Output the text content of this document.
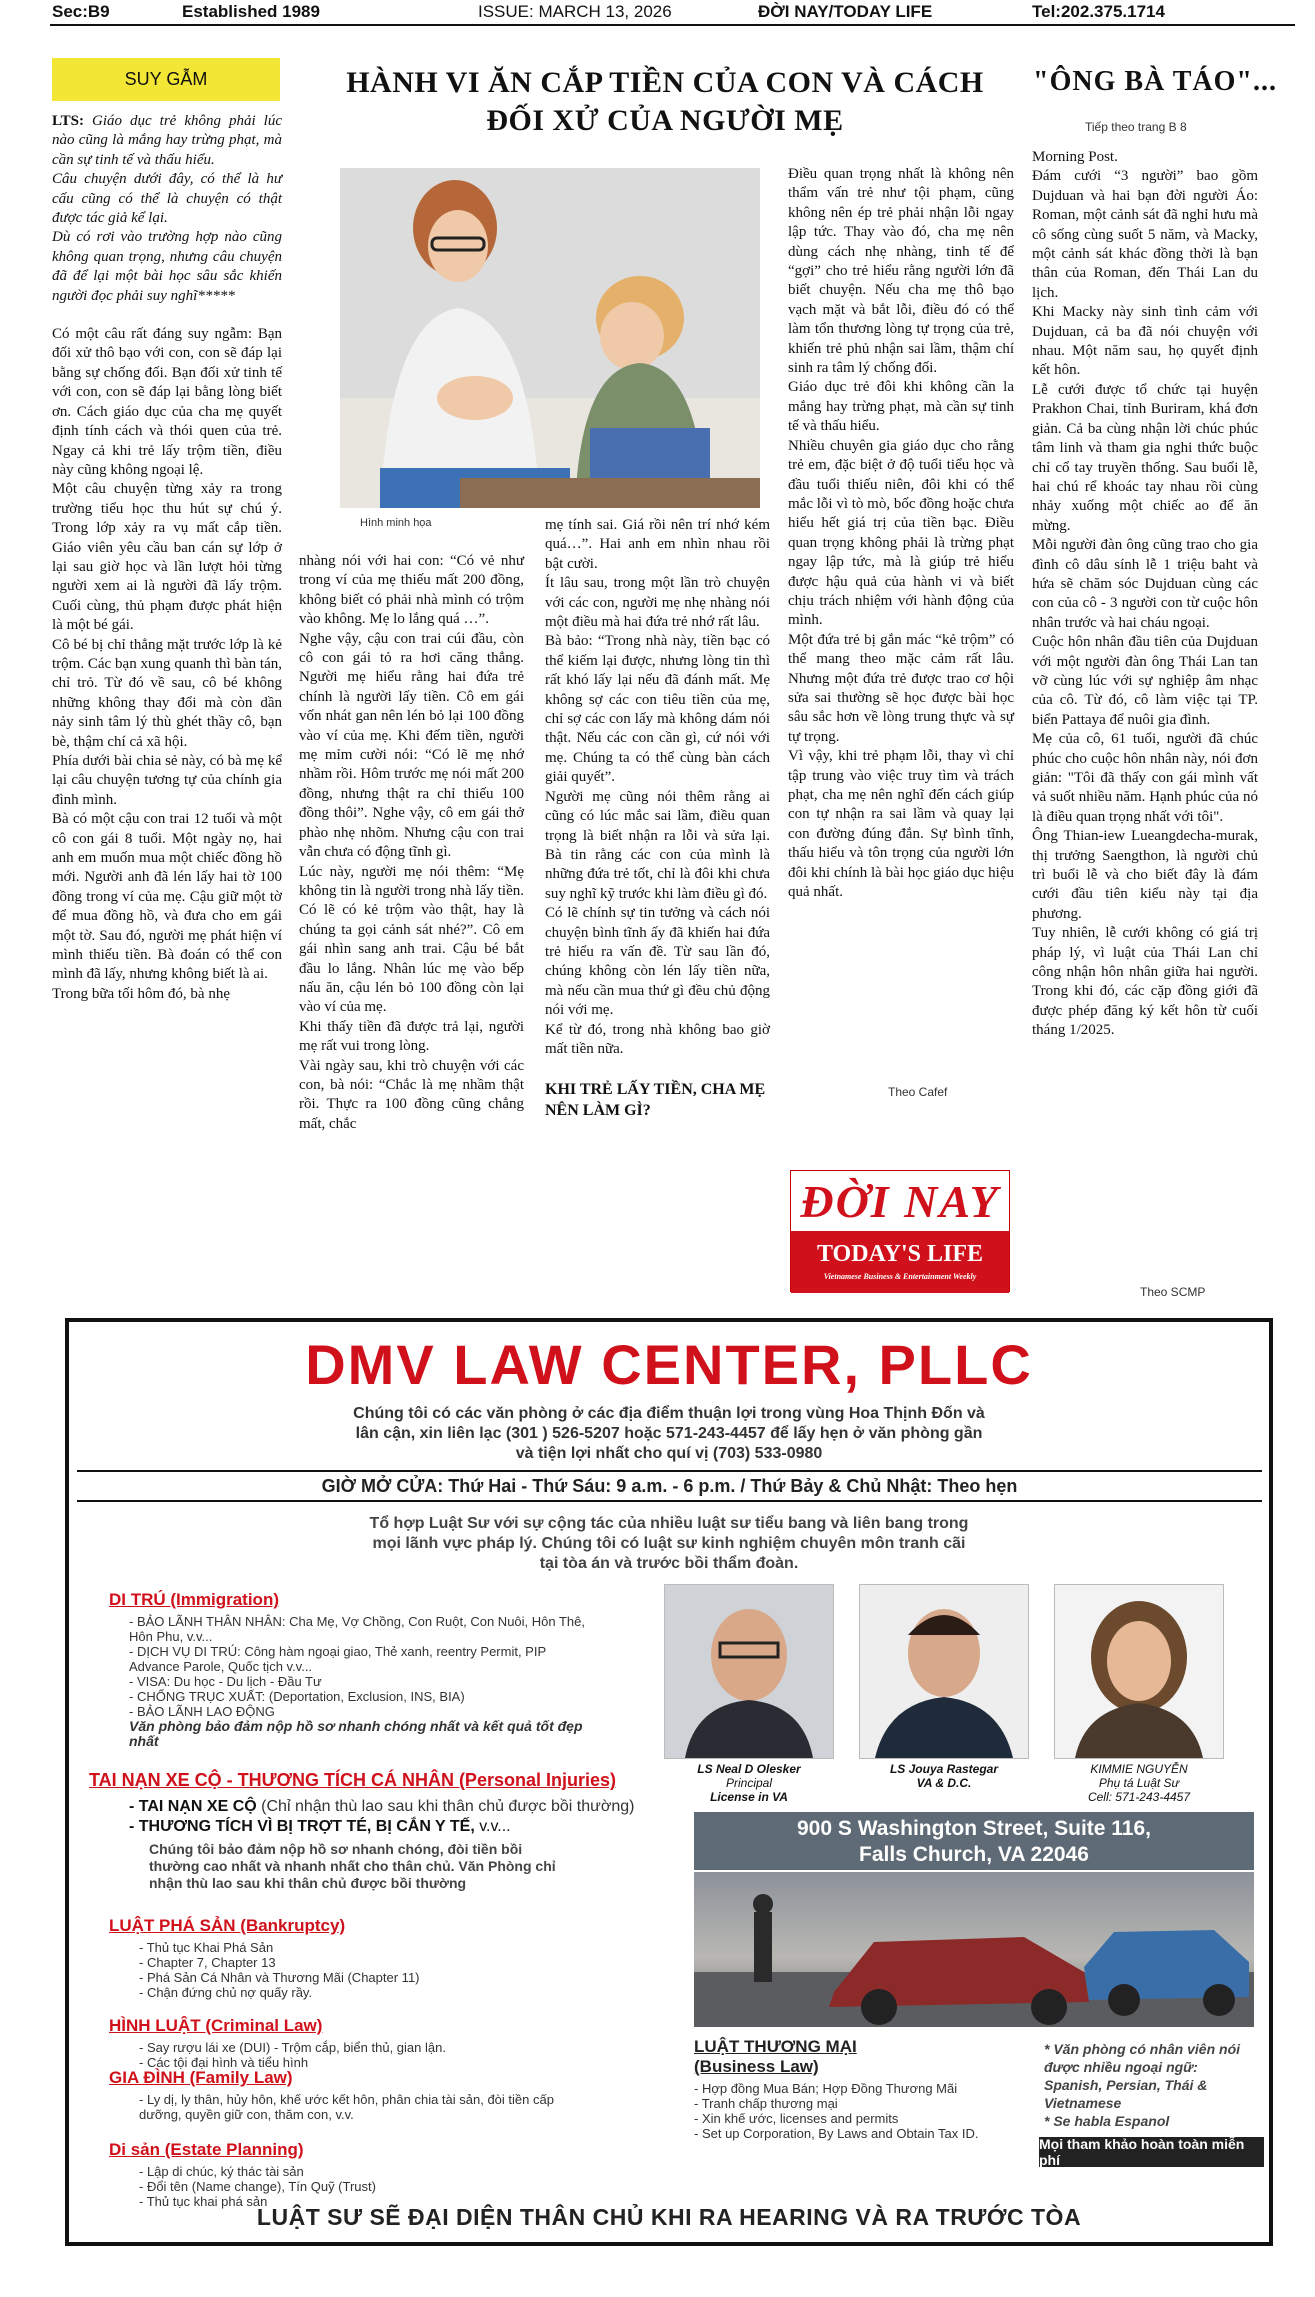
Sec:B9	Established 1989	ISSUE: MARCH 13, 2026	ĐỜI NAY/TODAY LIFE	Tel:202.375.1714
SUY GẪM

LTS: Giáo dục trẻ không phải lúc nào cũng là mắng hay trừng phạt, mà cần sự tinh tế và thấu hiểu.

Câu chuyện dưới đây, có thể là hư cấu cũng có thể là chuyện có thật được tác giả kể lại.

Dù có rơi vào trường hợp nào cũng không quan trọng, nhưng câu chuyện đã để lại một bài học sâu sắc khiến người đọc phải suy nghĩ*****

Có một câu rất đáng suy ngẫm: Bạn đối xử thô bạo với con, con sẽ đáp lại bằng sự chống đối. Bạn đối xử tinh tế với con, con sẽ đáp lại bằng lòng biết ơn. Cách giáo dục của cha mẹ quyết định tính cách và thói quen của trẻ. Ngay cả khi trẻ lấy trộm tiền, điều này cũng không ngoại lệ.

Một câu chuyện từng xảy ra trong trường tiểu học thu hút sự chú ý. Trong lớp xảy ra vụ mất cắp tiền. Giáo viên yêu cầu ban cán sự lớp ở lại sau giờ học và lần lượt hỏi từng người xem ai là người đã lấy trộm. Cuối cùng, thủ phạm được phát hiện là một bé gái.

Cô bé bị chỉ thẳng mặt trước lớp là kẻ trộm. Các bạn xung quanh thì bàn tán, chỉ trỏ. Từ đó về sau, cô bé không những không thay đổi mà còn dần nảy sinh tâm lý thù ghét thầy cô, bạn bè, thậm chí cả xã hội.

Phía dưới bài chia sẻ này, có bà mẹ kể lại câu chuyện tương tự của chính gia đình mình.

Bà có một cậu con trai 12 tuổi và một cô con gái 8 tuổi. Một ngày nọ, hai anh em muốn mua một chiếc đồng hồ mới. Người anh đã lén lấy hai tờ 100 đồng trong ví của mẹ. Cậu giữ một tờ để mua đồng hồ, và đưa cho em gái một tờ. Sau đó, người mẹ phát hiện ví mình thiếu tiền. Bà đoán có thể con mình đã lấy, nhưng không biết là ai.

Trong bữa tối hôm đó, bà nhẹ

HÀNH VI ĂN CẮP TIỀN CỦA CON VÀ CÁCH
ĐỐI XỬ CỦA NGƯỜI MẸ
Hình minh họa

nhàng nói với hai con: “Có vẻ như trong ví của mẹ thiếu mất 200 đồng, không biết có phải nhà mình có trộm vào không. Mẹ lo lắng quá …”.

Nghe vậy, cậu con trai cúi đầu, còn cô con gái tỏ ra hơi căng thẳng. Người mẹ hiểu rằng hai đứa trẻ chính là người lấy tiền. Cô em gái vốn nhát gan nên lén bỏ lại 100 đồng vào ví của mẹ. Khi đếm tiền, người mẹ mỉm cười nói: “Có lẽ mẹ nhớ nhầm rồi. Hôm trước mẹ nói mất 200 đồng, nhưng thật ra chỉ thiếu 100 đồng thôi”. Nghe vậy, cô em gái thở phào nhẹ nhõm. Nhưng cậu con trai vẫn chưa có động tĩnh gì.

Lúc này, người mẹ nói thêm: “Mẹ không tin là người trong nhà lấy tiền. Có lẽ có kẻ trộm vào thật, hay là chúng ta gọi cảnh sát nhé?”. Cô em gái nhìn sang anh trai. Cậu bé bắt đầu lo lắng. Nhân lúc mẹ vào bếp nấu ăn, cậu lén bỏ 100 đồng còn lại vào ví của mẹ.

Khi thấy tiền đã được trả lại, người mẹ rất vui trong lòng.

Vài ngày sau, khi trò chuyện với các con, bà nói: “Chắc là mẹ nhầm thật rồi. Thực ra 100 đồng cũng chẳng mất, chắc

mẹ tính sai. Giá rồi nên trí nhớ kém quá…”. Hai anh em nhìn nhau rồi bật cười.

Ít lâu sau, trong một lần trò chuyện với các con, người mẹ nhẹ nhàng nói một điều mà hai đứa trẻ nhớ rất lâu.

Bà bảo: “Trong nhà này, tiền bạc có thể kiếm lại được, nhưng lòng tin thì rất khó lấy lại nếu đã đánh mất. Mẹ không sợ các con tiêu tiền của mẹ, chỉ sợ các con lấy mà không dám nói thật. Nếu các con cần gì, cứ nói với mẹ. Chúng ta có thể cùng bàn cách giải quyết”.

Người mẹ cũng nói thêm rằng ai cũng có lúc mắc sai lầm, điều quan trọng là biết nhận ra lỗi và sửa lại. Bà tin rằng các con của mình là những đứa trẻ tốt, chỉ là đôi khi chưa suy nghĩ kỹ trước khi làm điều gì đó.

Có lẽ chính sự tin tưởng và cách nói chuyện bình tĩnh ấy đã khiến hai đứa trẻ hiểu ra vấn đề. Từ sau lần đó, chúng không còn lén lấy tiền nữa, mà nếu cần mua thứ gì đều chủ động nói với mẹ.

Kể từ đó, trong nhà không bao giờ mất tiền nữa.

KHI TRẺ LẤY TIỀN, CHA MẸ NÊN LÀM GÌ?

Điều quan trọng nhất là không nên thẩm vấn trẻ như tội phạm, cũng không nên ép trẻ phải nhận lỗi ngay lập tức. Thay vào đó, cha mẹ nên dùng cách nhẹ nhàng, tinh tế để “gợi” cho trẻ hiểu rằng người lớn đã biết chuyện. Nếu cha mẹ thô bạo vạch mặt và bắt lỗi, điều đó có thể làm tổn thương lòng tự trọng của trẻ, khiến trẻ phủ nhận sai lầm, thậm chí sinh ra tâm lý chống đối.

Giáo dục trẻ đôi khi không cần la mắng hay trừng phạt, mà cần sự tinh tế và thấu hiểu.

Nhiều chuyên gia giáo dục cho rằng trẻ em, đặc biệt ở độ tuổi tiểu học và đầu tuổi thiếu niên, đôi khi có thể mắc lỗi vì tò mò, bốc đồng hoặc chưa hiểu hết giá trị của tiền bạc. Điều quan trọng không phải là trừng phạt ngay lập tức, mà là giúp trẻ hiểu được hậu quả của hành vi và biết chịu trách nhiệm với hành động của mình.

Một đứa trẻ bị gắn mác “kẻ trộm” có thể mang theo mặc cảm rất lâu. Nhưng một đứa trẻ được trao cơ hội sửa sai thường sẽ học được bài học sâu sắc hơn về lòng trung thực và sự tự trọng.

Vì vậy, khi trẻ phạm lỗi, thay vì chỉ tập trung vào việc truy tìm và trách phạt, cha mẹ nên nghĩ đến cách giúp con tự nhận ra sai lầm và quay lại con đường đúng đắn. Sự bình tĩnh, thấu hiểu và tôn trọng của người lớn đôi khi chính là bài học giáo dục hiệu quả nhất.

Theo Cafef
ĐỜI NAY
TODAY'S LIFE
Vietnamese Business & Entertainment Weekly
"ÔNG BÀ TÁO"...
Tiếp theo trang B 8

Morning Post.

Đám cưới “3 người” bao gồm Dujduan và hai bạn đời người Áo: Roman, một cảnh sát đã nghỉ hưu mà cô sống cùng suốt 5 năm, và Macky, một cảnh sát khác đồng thời là bạn thân của Roman, đến Thái Lan du lịch.

Khi Macky này sinh tình cảm với Dujduan, cả ba đã nói chuyện với nhau. Một năm sau, họ quyết định kết hôn.

Lễ cưới được tổ chức tại huyện Prakhon Chai, tỉnh Buriram, khá đơn giản. Cả ba cùng nhận lời chúc phúc tâm linh và tham gia nghi thức buộc chỉ cổ tay truyền thống. Sau buổi lễ, hai chú rể khoác tay nhau rồi cùng nhảy xuống một chiếc ao để ăn mừng.

Mỗi người đàn ông cũng trao cho gia đình cô dâu sính lễ 1 triệu baht và hứa sẽ chăm sóc Dujduan cùng các con của cô - 3 người con từ cuộc hôn nhân trước và hai cháu ngoại.

Cuộc hôn nhân đầu tiên của Dujduan với một người đàn ông Thái Lan tan vỡ cùng lúc với sự nghiệp âm nhạc của cô. Từ đó, cô làm việc tại TP. biển Pattaya để nuôi gia đình.

Mẹ của cô, 61 tuổi, người đã chúc phúc cho cuộc hôn nhân này, nói đơn giản: "Tôi đã thấy con gái mình vất vả suốt nhiều năm. Hạnh phúc của nó là điều quan trọng nhất với tôi".

Ông Thian-iew Lueangdecha-murak, thị trưởng Saengthon, là người chủ trì buổi lễ và cho biết đây là đám cưới đầu tiên kiểu này tại địa phương.

Tuy nhiên, lễ cưới không có giá trị pháp lý, vì luật của Thái Lan chỉ công nhận hôn nhân giữa hai người. Trong khi đó, các cặp đồng giới đã được phép đăng ký kết hôn từ cuối tháng 1/2025.

Theo SCMP
DMV LAW CENTER, PLLC
Chúng tôi có các văn phòng ở các địa điểm thuận lợi trong vùng Hoa Thịnh Đốn và
lân cận, xin liên lạc (301 ) 526-5207 hoặc 571-243-4457 để lấy hẹn ở văn phòng gần
và tiện lợi nhất cho quí vị (703) 533-0980
GIỜ MỞ CỬA: Thứ Hai - Thứ Sáu: 9 a.m. - 6 p.m. / Thứ Bảy & Chủ Nhật: Theo hẹn
Tổ hợp Luật Sư với sự cộng tác của nhiều luật sư tiểu bang và liên bang trong
mọi lãnh vực pháp lý. Chúng tôi có luật sư kinh nghiệm chuyên môn tranh cãi
tại tòa án và trước bồi thẩm đoàn.
DI TRÚ (Immigration)
- BẢO LÃNH THÂN NHÂN: Cha Mẹ, Vợ Chồng, Con Ruột, Con Nuôi, Hôn Thê, Hôn Phu, v.v...
- DỊCH VỤ DI TRÚ: Công hàm ngoại giao, Thẻ xanh, reentry Permit, PIP Advance Parole, Quốc tịch v.v...
- VISA: Du học - Du lịch - Đầu Tư
- CHỐNG TRỤC XUẤT: (Deportation, Exclusion, INS, BIA)
- BẢO LÃNH LAO ĐỘNG
Văn phòng bảo đảm nộp hồ sơ nhanh chóng nhất và kết quả tốt đẹp nhất
TAI NẠN XE CỘ - THƯƠNG TÍCH CÁ NHÂN (Personal Injuries)
- TAI NẠN XE CỘ (Chỉ nhận thù lao sau khi thân chủ được bồi thường)
- THƯƠNG TÍCH VÌ BỊ TRỢT TÉ, BỊ CẮN Y TẾ, v.v...
Chúng tôi bảo đảm nộp hồ sơ nhanh chóng, đòi tiền bồi thường cao nhất và nhanh nhất cho thân chủ. Văn Phòng chỉ nhận thù lao sau khi thân chủ được bồi thường
LUẬT PHÁ SẢN (Bankruptcy)
- Thủ tục Khai Phá Sản
- Chapter 7, Chapter 13
- Phá Sản Cá Nhân và Thương Mãi (Chapter 11)
- Chận đứng chủ nợ quấy rầy.
HÌNH LUẬT (Criminal Law)
- Say rượu lái xe (DUI) - Trộm cắp, biển thủ, gian lận.
- Các tội đại hình và tiểu hình
GIA ĐÌNH (Family Law)
- Ly dị, ly thân, hủy hôn, khế ước kết hôn, phân chia tài sản, đòi tiền cấp dưỡng, quyền giữ con, thăm con, v.v.
Di sản (Estate Planning)
- Lập di chúc, ký thác tài sản
- Đổi tên (Name change), Tín Quỹ (Trust)
- Thủ tục khai phá sản
LS Neal D Olesker
Principal
License in VA
LS Jouya Rastegar
VA & D.C.
KIMMIE NGUYỄN
Phụ tá Luật Sư
Cell: 571-243-4457
900 S Washington Street, Suite 116,
Falls Church, VA 22046
LUẬT THƯƠNG MẠI
(Business Law)
- Hợp đồng Mua Bán; Hợp Đồng Thương Mãi
- Tranh chấp thương mại
- Xin khế ước, licenses and permits
- Set up Corporation, By Laws and Obtain Tax ID.
* Văn phòng có nhân viên nói được nhiều ngoại ngữ:
Spanish, Persian, Thái &
Vietnamese
* Se habla Espanol
Mọi tham khảo hoàn toàn miễn phí
LUẬT SƯ SẼ ĐẠI DIỆN THÂN CHỦ KHI RA HEARING VÀ RA TRƯỚC TÒA
